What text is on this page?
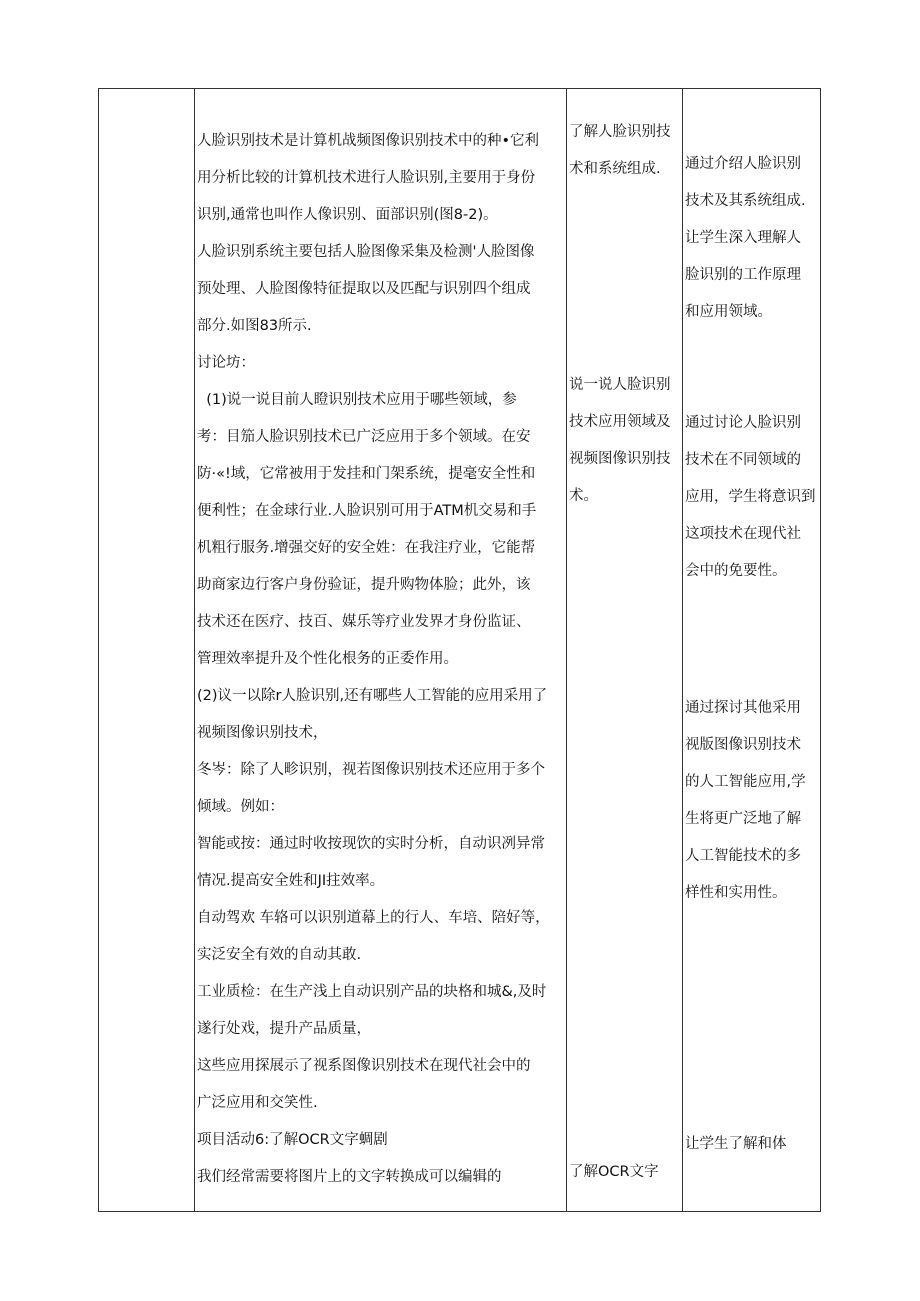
人脸识别技术是计算机战频图像识别技术中的种•它利
用分析比较的计算机技术进行人脸识别,主要用于身份
识别,通常也叫作人像识别、面部识别(图8-2)。
人脸识别系统主要包括人脸图像采集及检测'人脸图像
预处理、人脸图像特征提取以及匹配与识别四个组成
部分.如图83所示.
讨论坊：
(1)说一说目前人瞪识别技术应用于哪些领域，参
考：目笳人脸识别技术已广泛应用于多个领域。在安
防·«!域，它常被用于发挂和门架系统，提毫安全性和
便利性；在金球行业.人脸识别可用于ATM机交易和手
机粗行服务.增强交好的安全姓：在我注疗业，它能帮
助商家边行客户身份验证，提升购物体脸；此外，该
技术还在医疗、技百、媒乐等疗业发界才身份监证、
管理效率提升及个性化根务的正委作用。
(2)议一以除r人脸识别,还有哪些人工智能的应用采用了
视频图像识别技术，
冬岑：除了人畛识别，视若图像识别技术还应用于多个
倾域。例如：
智能或按：通过时收按现饮的实时分析，自动识冽异常
情况.提高安全姓和JI拄效率。
自动驾欢 车辂可以识别道幕上的行人、车培、陪好等，
实泛安全有效的自动其敢.
工业质检：在生产浅上自动识别产品的块格和城&,及时
遂行处戏，提升产品质量，
这些应用探展示了视系图像识别技术在现代社会中的
广泛应用和交笑性.
项目活动6:了解OCR文字蜩剧
我们经常需要将图片上的文字转换成可以编辑的
了解人脸识别技
术和系统组成.
说一说人脸识别
技术应用领域及
视频图像识别技
术。
了解OCR文字
通过介绍人脸识别
技术及其系统组成.
让学生深入理解人
脸识别的工作原理
和应用领域。
通过讨论人脸识别
技术在不同领域的
应用，学生将意识到
这项技术在现代社
会中的免要性。
通过探讨其他采用
视版图像识别技术
的人工智能应用,学
生将更广泛地了解
人工智能技术的多
样性和实用性。
让学生了解和体
